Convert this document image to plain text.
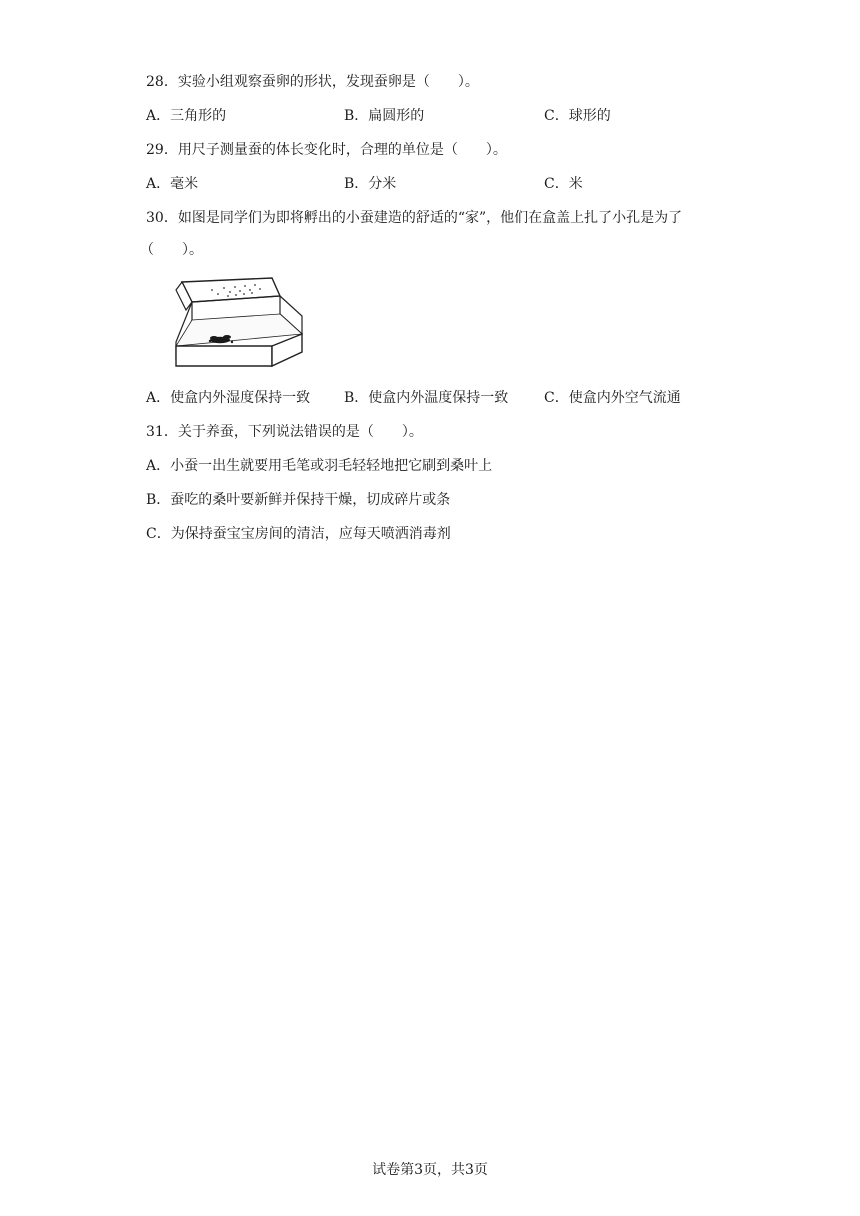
28．实验小组观察蚕卵的形状，发现蚕卵是（　　）。
A．三角形的	B．扁圆形的	C．球形的
29．用尺子测量蚕的体长变化时，合理的单位是（　　）。
A．毫米	B．分米	C．米
30．如图是同学们为即将孵出的小蚕建造的舒适的“家”，他们在盒盖上扎了小孔是为了
（　　）。
A．使盒内外湿度保持一致 B．使盒内外温度保持一致	C．使盒内外空气流通
31．关于养蚕，下列说法错误的是（　　）。
A．小蚕一出生就要用毛笔或羽毛轻轻地把它刷到桑叶上
B．蚕吃的桑叶要新鲜并保持干燥，切成碎片或条
C．为保持蚕宝宝房间的清洁，应每天喷洒消毒剂
试卷第3页，共3页
